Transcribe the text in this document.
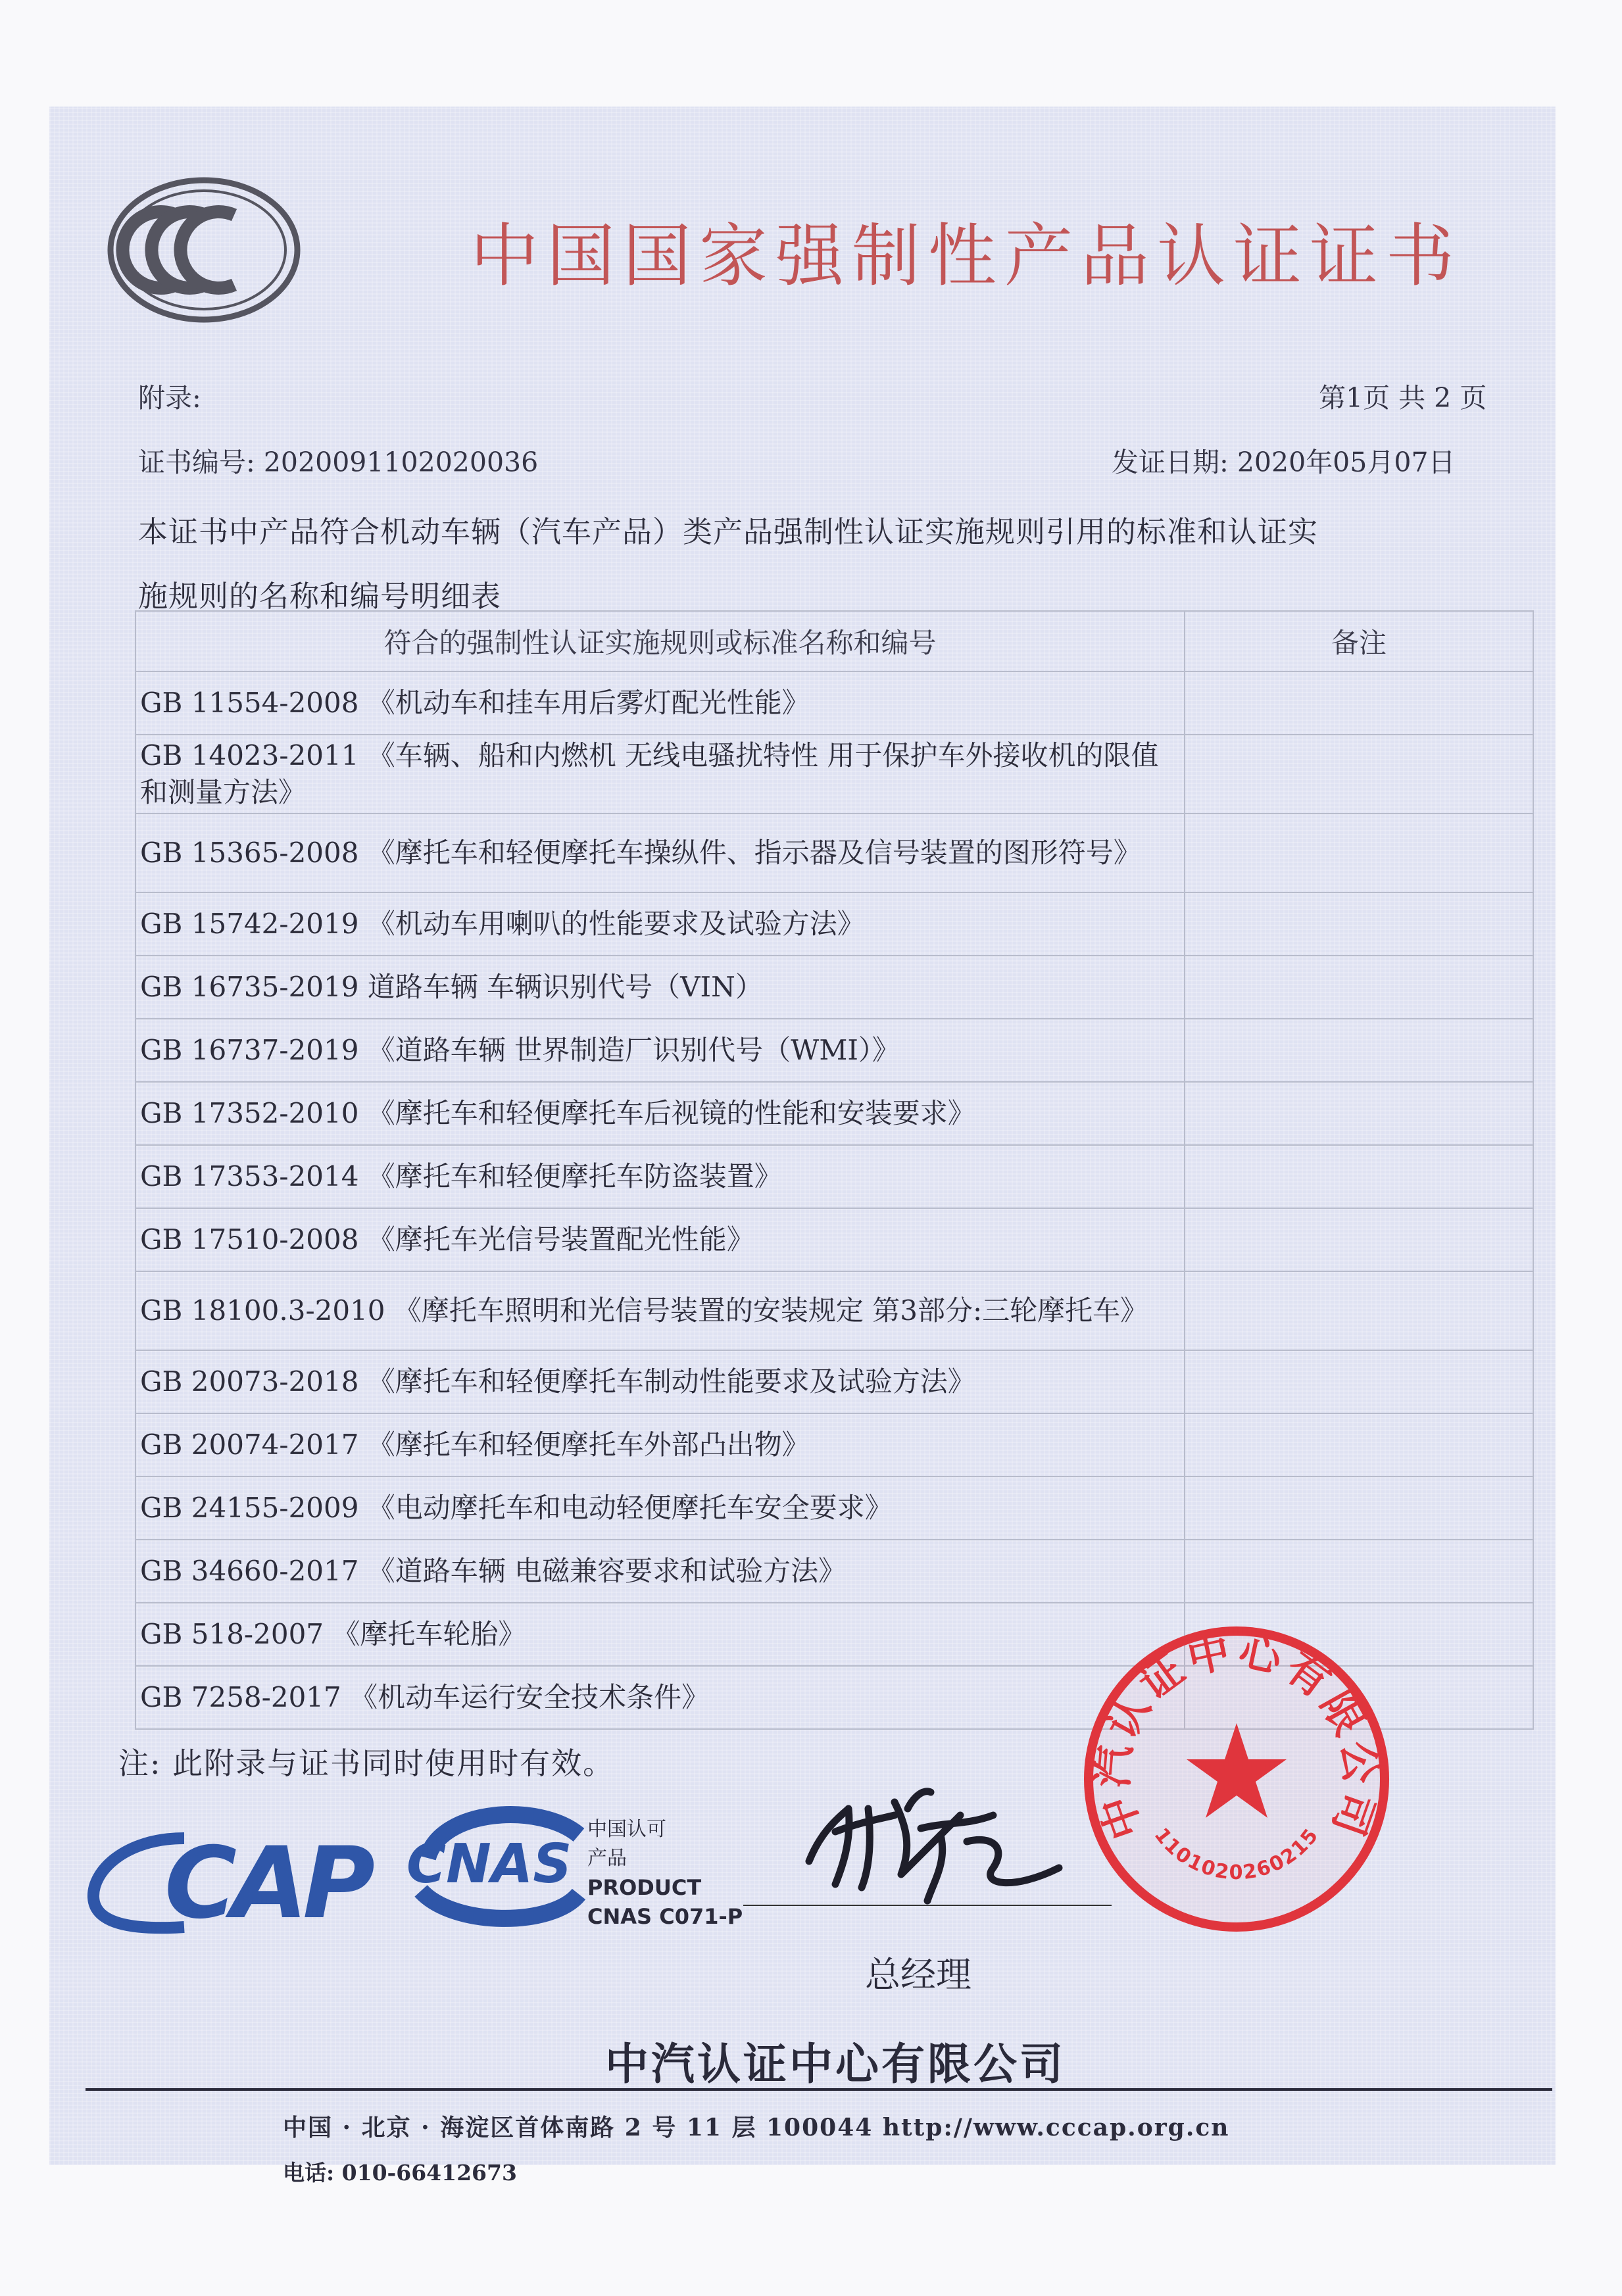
中国国家强制性产品认证证书
附录:	第1页 共 2 页
证书编号: 2020091102020036	发证日期: 2020年05月07日
本证书中产品符合机动车辆（汽车产品）类产品强制性认证实施规则引用的标准和认证实
施规则的名称和编号明细表
符合的强制性认证实施规则或标准名称和编号	备注
GB 11554-2008 《机动车和挂车用后雾灯配光性能》	
GB 14023-2011 《车辆、船和内燃机 无线电骚扰特性 用于保护车外接收机的限值和测量方法》	
GB 15365-2008 《摩托车和轻便摩托车操纵件、指示器及信号装置的图形符号》	
GB 15742-2019 《机动车用喇叭的性能要求及试验方法》	
GB 16735-2019 道路车辆 车辆识别代号（VIN）	
GB 16737-2019 《道路车辆 世界制造厂识别代号（WMI）》	
GB 17352-2010 《摩托车和轻便摩托车后视镜的性能和安装要求》	
GB 17353-2014 《摩托车和轻便摩托车防盗装置》	
GB 17510-2008 《摩托车光信号装置配光性能》	
GB 18100.3-2010 《摩托车照明和光信号装置的安装规定 第3部分:三轮摩托车》	
GB 20073-2018 《摩托车和轻便摩托车制动性能要求及试验方法》	
GB 20074-2017 《摩托车和轻便摩托车外部凸出物》	
GB 24155-2009 《电动摩托车和电动轻便摩托车安全要求》	
GB 34660-2017 《道路车辆 电磁兼容要求和试验方法》	
GB 518-2007 《摩托车轮胎》	
GB 7258-2017 《机动车运行安全技术条件》	
注: 此附录与证书同时使用时有效。
CAP CNAS
中国认可
产品
PRODUCT
CNAS C071-P
总经理
中汽认证中心有限公司
1101020260215
中汽认证中心有限公司
中国 · 北京 · 海淀区首体南路 2 号 11 层 100044 http://www.cccap.org.cn
电话: 010-66412673
